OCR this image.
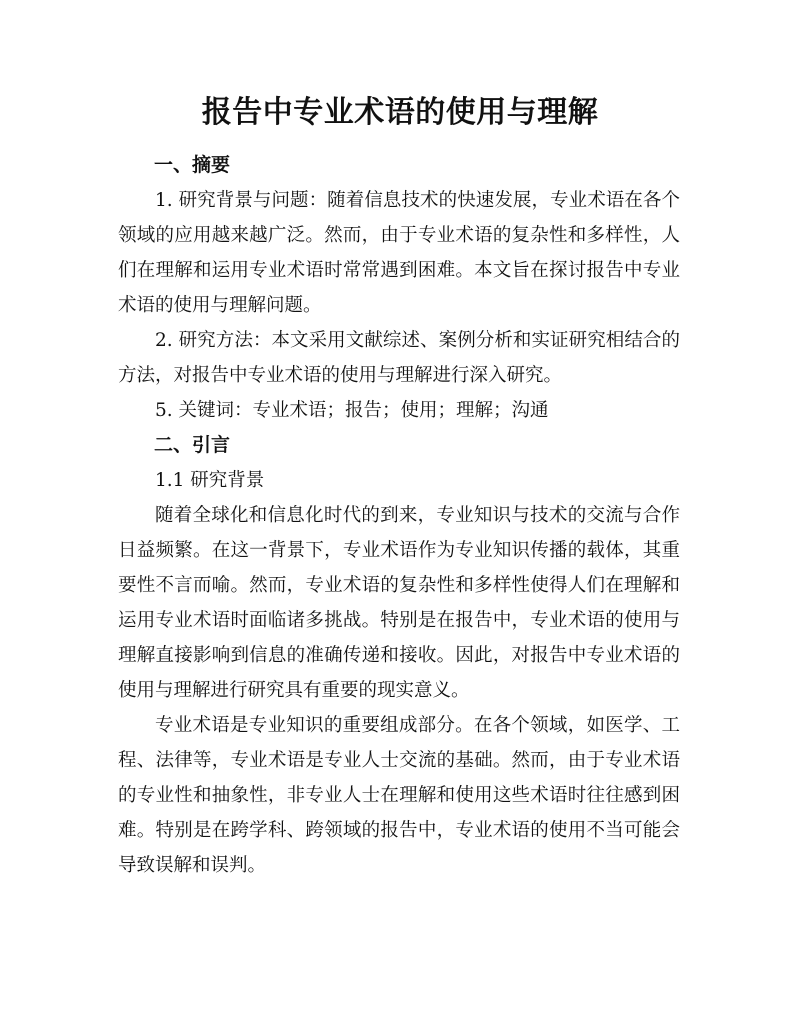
报告中专业术语的使用与理解
一、摘要

1. 研究背景与问题：随着信息技术的快速发展，专业术语在各个领域的应用越来越广泛。然而，由于专业术语的复杂性和多样性，人们在理解和运用专业术语时常常遇到困难。本文旨在探讨报告中专业术语的使用与理解问题。

2. 研究方法：本文采用文献综述、案例分析和实证研究相结合的方法，对报告中专业术语的使用与理解进行深入研究。

5. 关键词：专业术语；报告；使用；理解；沟通
二、引言
1.1 研究背景

随着全球化和信息化时代的到来，专业知识与技术的交流与合作日益频繁。在这一背景下，专业术语作为专业知识传播的载体，其重要性不言而喻。然而，专业术语的复杂性和多样性使得人们在理解和运用专业术语时面临诸多挑战。特别是在报告中，专业术语的使用与理解直接影响到信息的准确传递和接收。因此，对报告中专业术语的使用与理解进行研究具有重要的现实意义。

专业术语是专业知识的重要组成部分。在各个领域，如医学、工程、法律等，专业术语是专业人士交流的基础。然而，由于专业术语的专业性和抽象性，非专业人士在理解和使用这些术语时往往感到困难。特别是在跨学科、跨领域的报告中，专业术语的使用不当可能会导致误解和误判。
